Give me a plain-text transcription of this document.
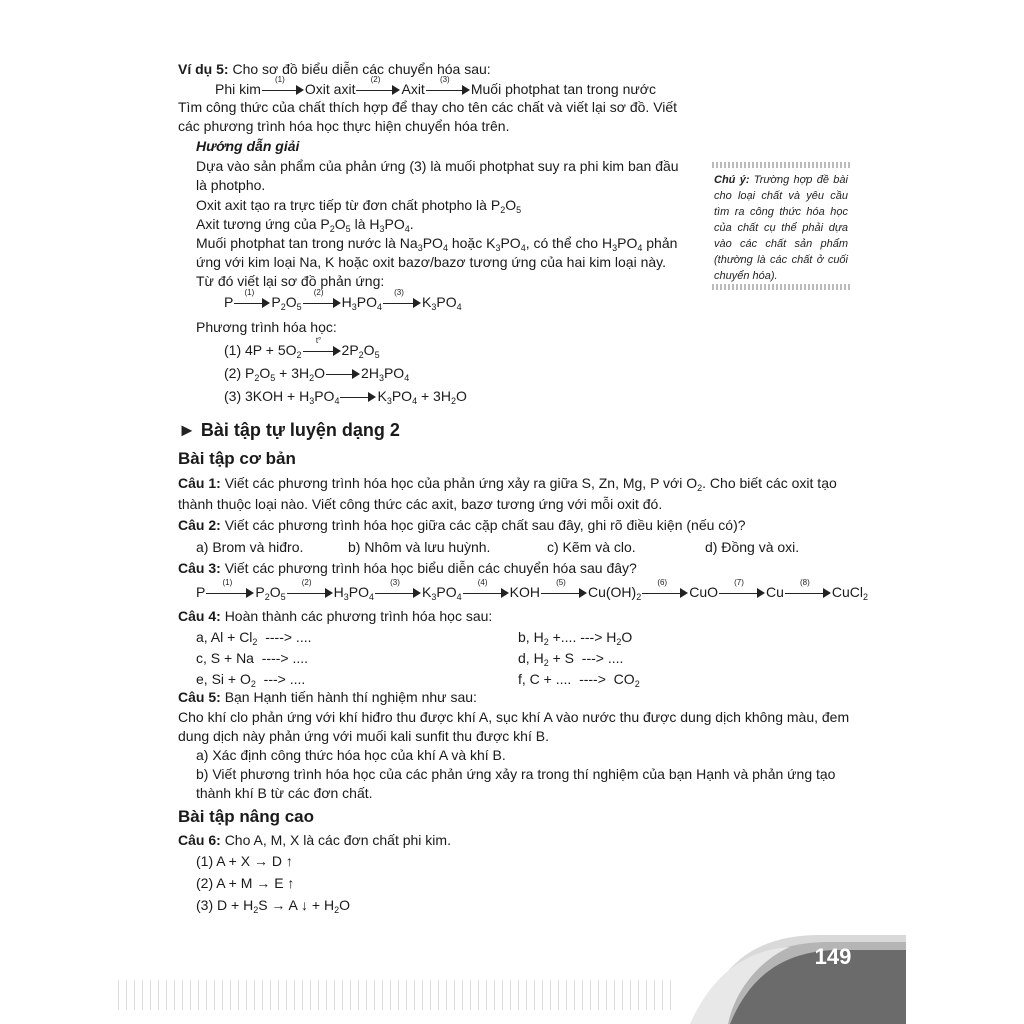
149
Ví dụ 5: Cho sơ đồ biểu diễn các chuyển hóa sau:
Phi kim
(1)
Oxit axit
(2)
Axit
(3)
Muối photphat tan trong nước
Tìm công thức của chất thích hợp để thay cho tên các chất và viết lại sơ đồ. Viết
các phương trình hóa học thực hiện chuyển hóa trên.
Hướng dẫn giải
Dựa vào sản phẩm của phản ứng (3) là muối photphat suy ra phi kim ban đầu
là photpho.
Oxit axit tạo ra trực tiếp từ đơn chất photpho là $P_2O_5$
Axit tương ứng của $P_2O_5$ là $H_3PO_4$.
Muối photphat tan trong nước là $Na_3PO_4$ hoặc $K_3PO_4$, có thể cho $H_3PO_4$ phản
ứng với kim loại Na, K hoặc oxit bazơ/bazơ tương ứng của hai kim loại này.
Từ đó viết lại sơ đồ phản ứng:
P
(1)
$P_2O_5$
(2)
$H_3PO_4$
(3)
$K_3PO_4$
Phương trình hóa học:
(1) $4P + 5O_2$
t°
$2P_2O_5$
(2) $P_2O_5 + 3H_2O$	$2H_3PO_4$
(3) $3KOH + H_3PO_4$	$K_3PO_4 + 3H_2O$
Chú ý: Trường hợp đề bài cho loại chất và yêu cầu tìm ra công thức hóa học của chất cụ thể phải dựa vào các chất sản phẩm (thường là các chất ở cuối chuyển hóa).
► Bài tập tự luyện dạng 2
Bài tập cơ bản
Câu 1: Viết các phương trình hóa học của phản ứng xảy ra giữa S, Zn, Mg, P với $O_2$. Cho biết các oxit tạo
thành thuộc loại nào. Viết công thức các axit, bazơ tương ứng với mỗi oxit đó.
Câu 2: Viết các phương trình hóa học giữa các cặp chất sau đây, ghi rõ điều kiện (nếu có)?
a) Brom và hiđro.	b) Nhôm và lưu huỳnh.	c) Kẽm và clo.	d) Đồng và oxi.
Câu 3: Viết các phương trình hóa học biểu diễn các chuyển hóa sau đây?
P
(1)
$P_2O_5$
(2)
$H_3PO_4$
(3)
$K_3PO_4$
(4)
KOH
(5)
$Cu(OH)_2$
(6)
CuO
(7)
Cu
(8)
CuCl$_2$
Câu 4: Hoàn thành các phương trình hóa học sau:
a, $Al + Cl_2$  ----> ....	b, $H_2$ +.... ---> $H_2O$
c, S + Na  ----> ....	d, $H_2 + S$  ---> ....
e, $Si + O_2$  ---> ....	f, C + ....  ---->  $CO_2$
Câu 5: Bạn Hạnh tiến hành thí nghiệm như sau:
Cho khí clo phản ứng với khí hiđro thu được khí A, sục khí A vào nước thu được dung dịch không màu, đem
dung dịch này phản ứng với muối kali sunfit thu được khí B.
a) Xác định công thức hóa học của khí A và khí B.
b) Viết phương trình hóa học của các phản ứng xảy ra trong thí nghiệm của bạn Hạnh và phản ứng tạo
thành khí B từ các đơn chất.
Bài tập nâng cao
Câu 6: Cho A, M, X là các đơn chất phi kim.
(1) A + X → D ↑
(2) A + M → E ↑
(3) $D + H_2S \to A$ ↓ + $H_2O$
